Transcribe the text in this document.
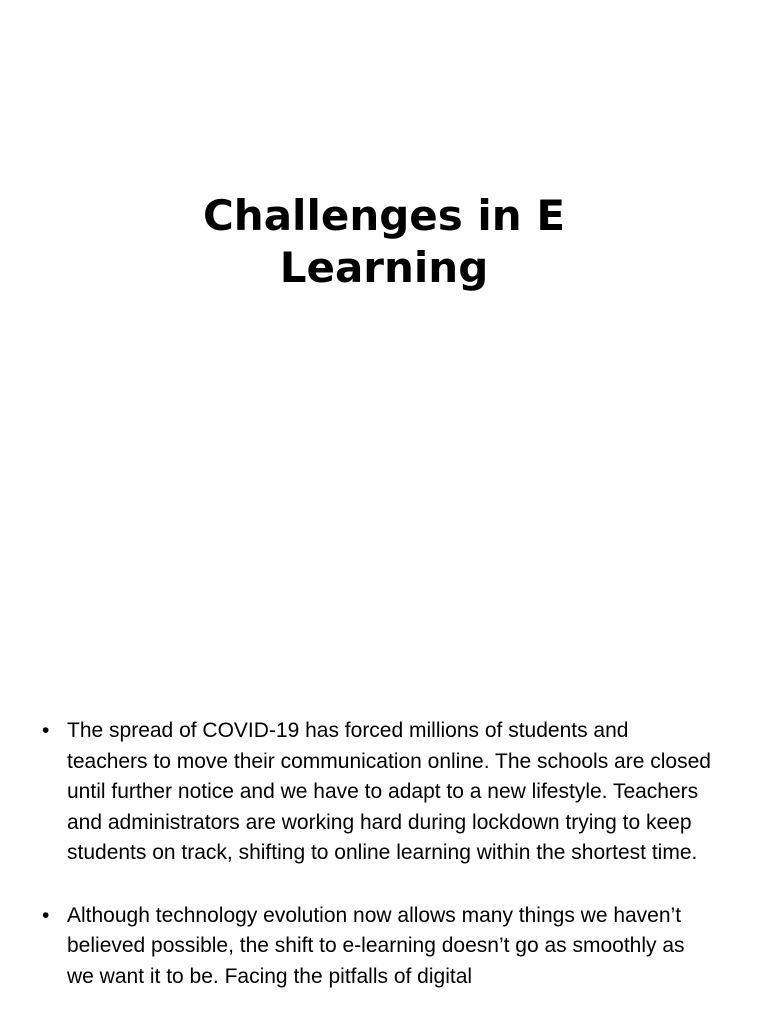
Challenges in E
Learning
• The spread of COVID-19 has forced millions of students and teachers to move their communication online. The schools are closed until further notice and we have to adapt to a new lifestyle. Teachers and administrators are working hard during lockdown trying to keep students on track, shifting to online learning within the shortest time.
• Although technology evolution now allows many things we haven’t believed possible, the shift to e-learning doesn’t go as smoothly as we want it to be. Facing the pitfalls of digital
